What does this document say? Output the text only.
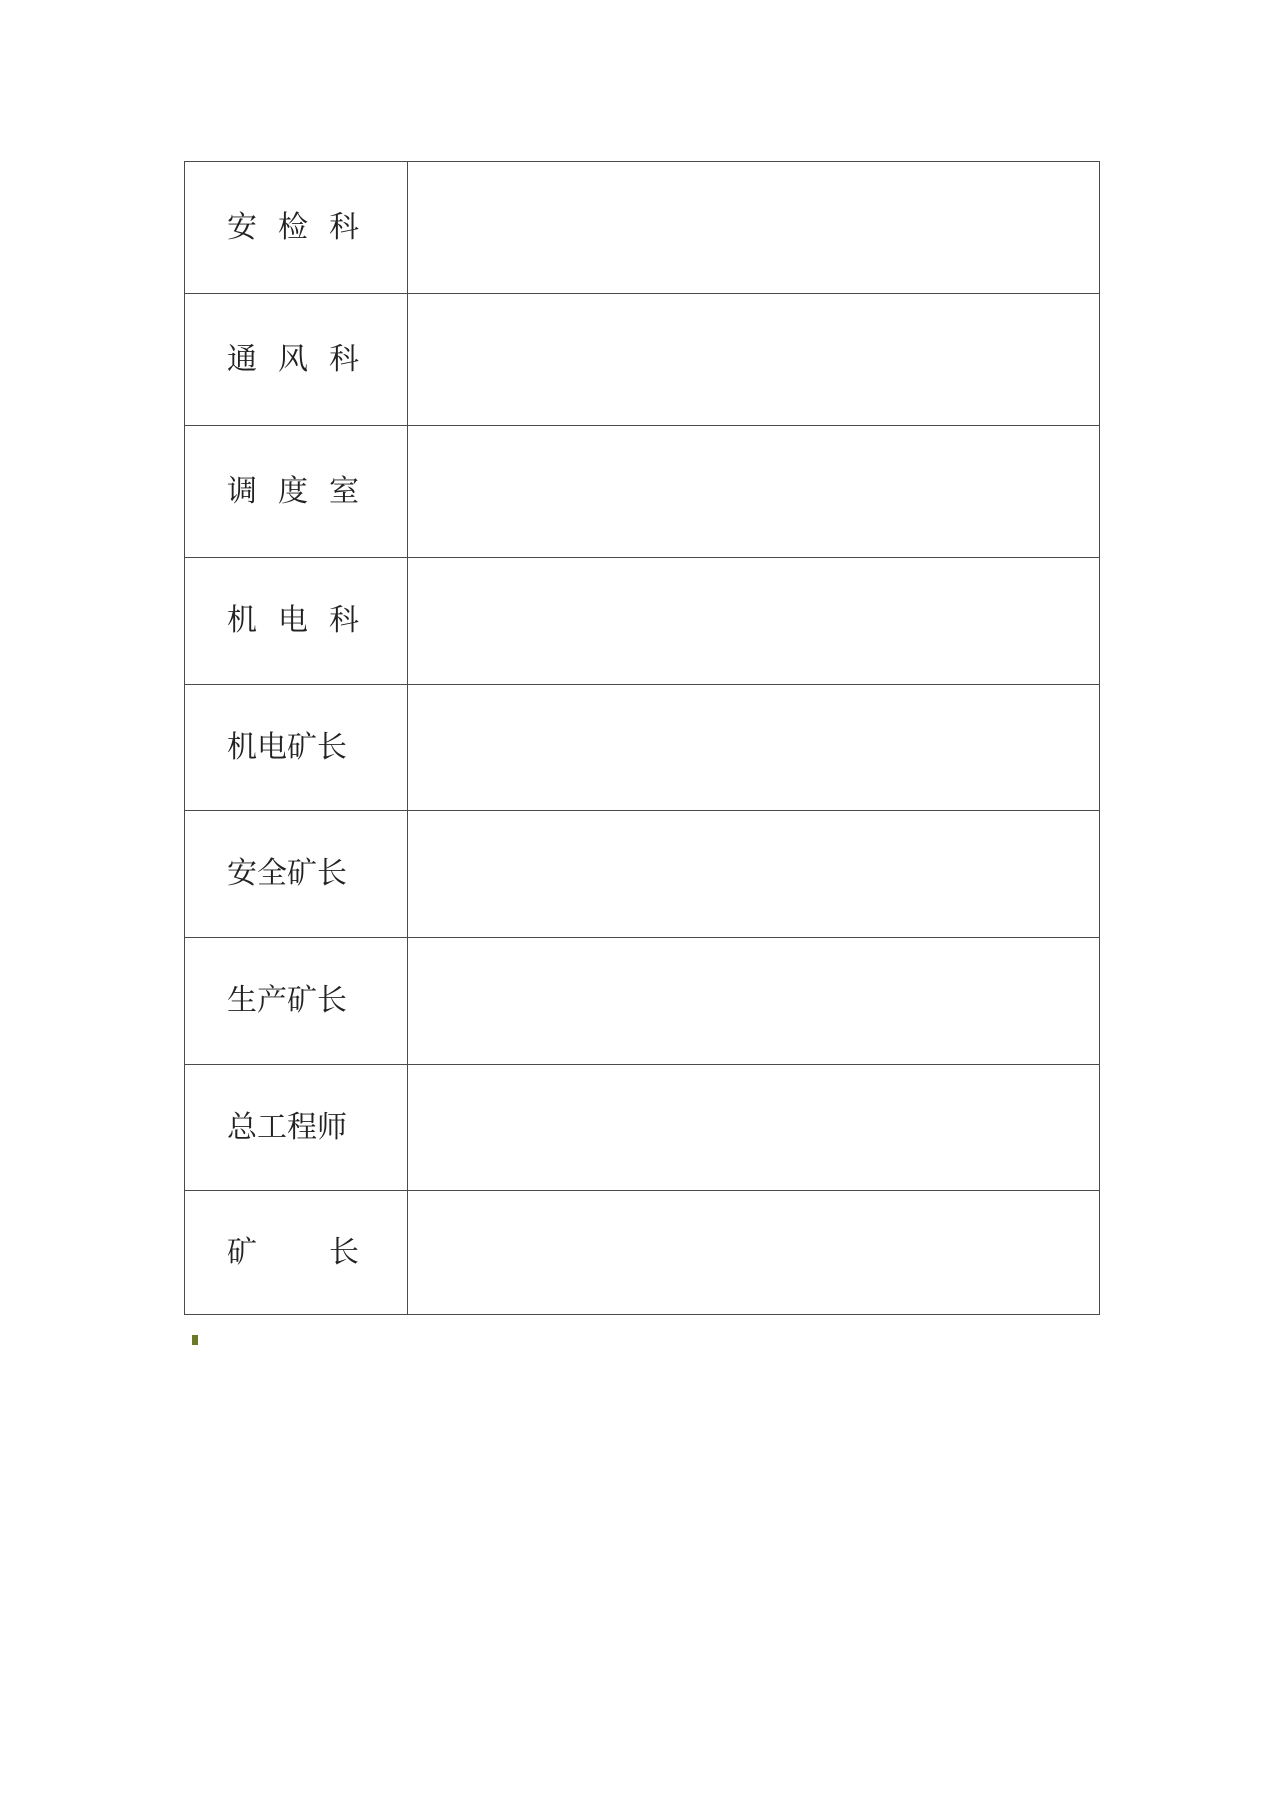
安 检 科	

通 风 科	

调 度 室	

机 电 科	

机电矿长	

安全矿长	

生产矿长	

总工程师	

矿 长	
